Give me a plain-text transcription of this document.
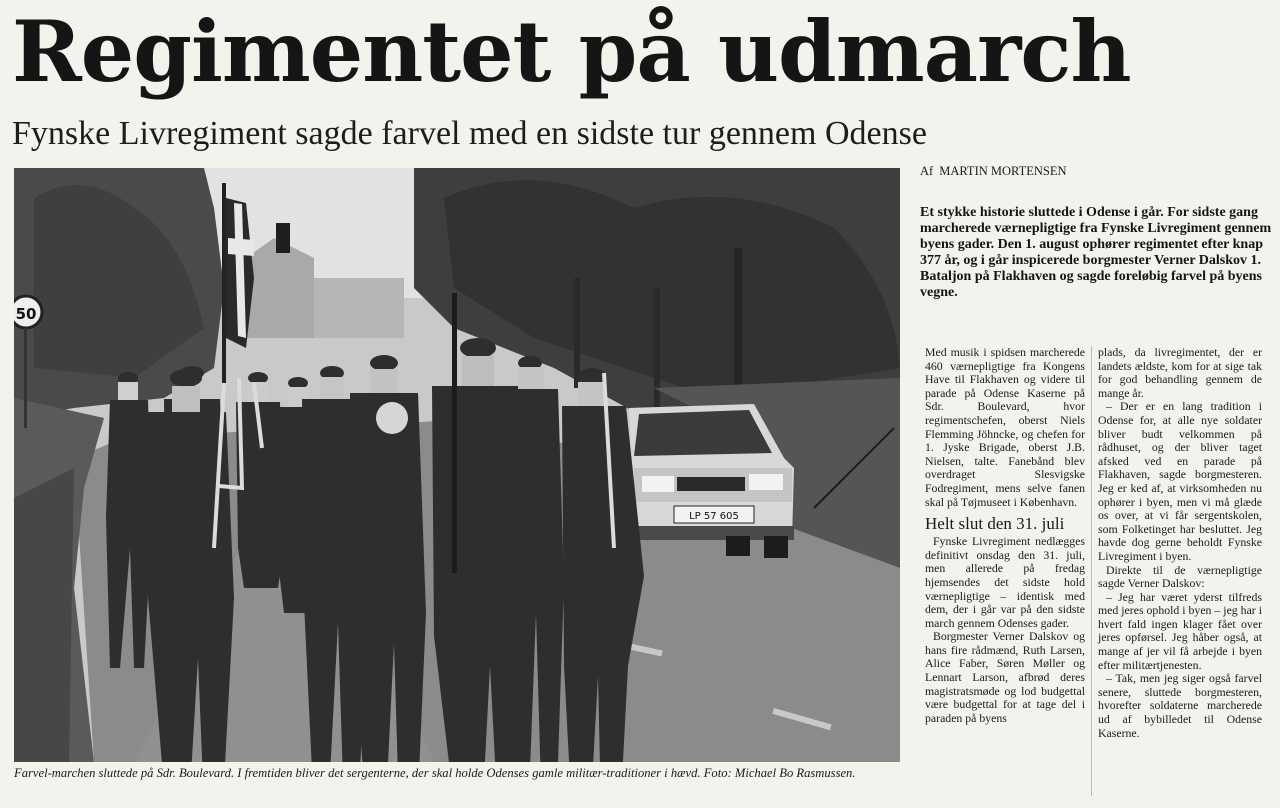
Regimentet på udmarch
Fynske Livregiment sagde farvel med en sidste tur gennem Odense
50
LP 57 605
Farvel-marchen sluttede på Sdr. Boulevard. I fremtiden bliver det sergenterne, der skal holde Odenses gamle militær-traditioner i hævd. Foto: Michael Bo Rasmussen.
Af MARTIN MORTENSEN
Et stykke historie sluttede i Odense i går. For sidste gang marcherede værnepligtige fra Fynske Livregiment gennem byens gader. Den 1. august ophører regimentet efter knap 377 år, og i går inspicerede borgmester Verner Dalskov 1. Bataljon på Flakhaven og sagde foreløbig farvel på byens vegne.

Med musik i spidsen marcherede 460 værnepligtige fra Kongens Have til Flakhaven og videre til parade på Odense Kaserne på Sdr. Boulevard, hvor regimentschefen, oberst Niels Flemming Jöhncke, og chefen for 1. Jyske Brigade, oberst J.B. Nielsen, talte. Fanebånd blev overdraget Slesvigske Fodregiment, mens selve fanen skal på Tøjmuseet i København.

Helt slut den 31. juli

Fynske Livregiment nedlægges definitivt onsdag den 31. juli, men allerede på fredag hjemsendes det sidste hold værnepligtige – identisk med dem, der i går var på den sidste march gennem Odenses gader.

Borgmester Verner Dalskov og hans fire rådmænd, Ruth Larsen, Alice Faber, Søren Møller og Lennart Larson, afbrød deres magistratsmøde og lod budgettal være budgettal for at tage del i paraden på byens

plads, da livregimentet, der er landets ældste, kom for at sige tak for god behandling gennem de mange år.

– Der er en lang tradition i Odense for, at alle nye soldater bliver budt velkommen på rådhuset, og der bliver taget afsked ved en parade på Flakhaven, sagde borgmesteren. Jeg er ked af, at virksomheden nu ophører i byen, men vi må glæde os over, at vi får sergentskolen, som Folketinget har besluttet. Jeg havde dog gerne beholdt Fynske Livregiment i byen.

Direkte til de værnepligtige sagde Verner Dalskov:

– Jeg har været yderst tilfreds med jeres ophold i byen – jeg har i hvert fald ingen klager fået over jeres opførsel. Jeg håber også, at mange af jer vil få arbejde i byen efter militærtjenesten.

– Tak, men jeg siger også farvel senere, sluttede borgmesteren, hvorefter soldaterne marcherede ud af bybilledet til Odense Kaserne.
